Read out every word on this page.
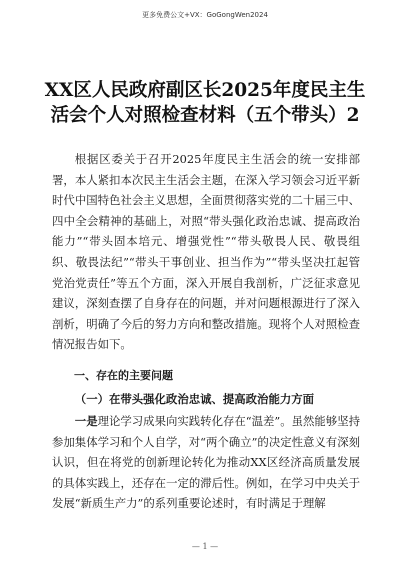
更多免费公文+VX：GoGongWen2024
XX区人民政府副区长2025年度民主生活会个人对照检查材料（五个带头）2

根据区委关于召开2025年度民主生活会的统一安排部署，本人紧扣本次民主生活会主题，在深入学习领会习近平新时代中国特色社会主义思想，全面贯彻落实党的二十届三中、四中全会精神的基础上，对照“带头强化政治忠诚、提高政治能力”“带头固本培元、增强党性”“带头敬畏人民、敬畏组织、敬畏法纪”“带头干事创业、担当作为”“带头坚决扛起管党治党责任”等五个方面，深入开展自我剖析，广泛征求意见建议，深刻查摆了自身存在的问题，并对问题根源进行了深入剖析，明确了今后的努力方向和整改措施。现将个人对照检查情况报告如下。

一、存在的主要问题

（一）在带头强化政治忠诚、提高政治能力方面

一是理论学习成果向实践转化存在“温差”。虽然能够坚持参加集体学习和个人自学，对“两个确立”的决定性意义有深刻认识，但在将党的创新理论转化为推动XX区经济高质量发展的具体实践上，还存在一定的滞后性。例如，在学习中央关于发展“新质生产力”的系列重要论述时，有时满足于理解

— 1 —
